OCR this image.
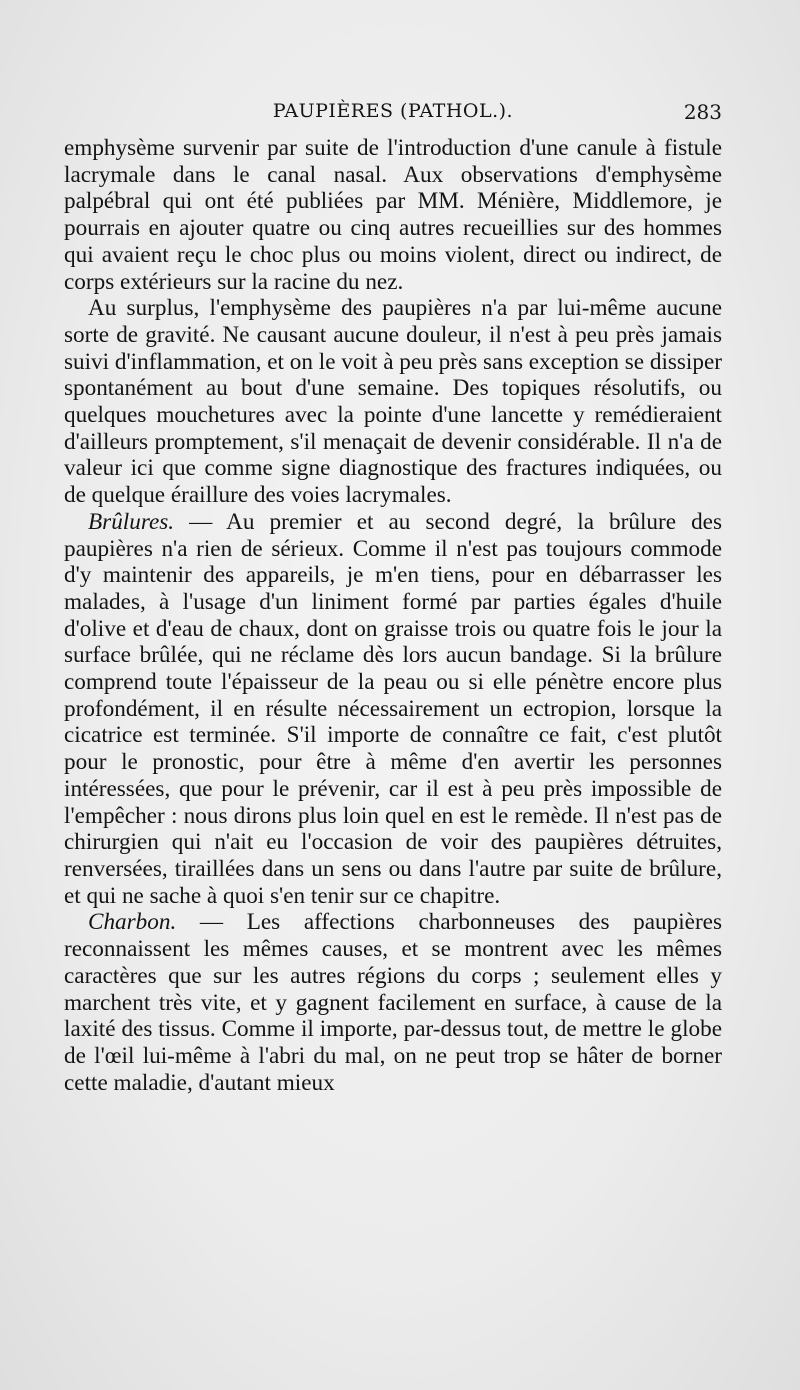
PAUPIÈRES (PATHOL.).	283

emphysème survenir par suite de l'introduction d'une canule à fistule lacrymale dans le canal nasal. Aux observations d'emphysème palpébral qui ont été publiées par MM. Ménière, Middlemore, je pourrais en ajouter quatre ou cinq autres recueillies sur des hommes qui avaient reçu le choc plus ou moins violent, direct ou indirect, de corps extérieurs sur la racine du nez.

Au surplus, l'emphysème des paupières n'a par lui-même aucune sorte de gravité. Ne causant aucune douleur, il n'est à peu près jamais suivi d'inflammation, et on le voit à peu près sans exception se dissiper spontanément au bout d'une semaine. Des topiques résolutifs, ou quelques mouchetures avec la pointe d'une lancette y remédieraient d'ailleurs promptement, s'il menaçait de devenir considérable. Il n'a de valeur ici que comme signe diagnostique des fractures indiquées, ou de quelque éraillure des voies lacrymales.

Brûlures. — Au premier et au second degré, la brûlure des paupières n'a rien de sérieux. Comme il n'est pas toujours commode d'y maintenir des appareils, je m'en tiens, pour en débarrasser les malades, à l'usage d'un liniment formé par parties égales d'huile d'olive et d'eau de chaux, dont on graisse trois ou quatre fois le jour la surface brûlée, qui ne réclame dès lors aucun bandage. Si la brûlure comprend toute l'épaisseur de la peau ou si elle pénètre encore plus profondément, il en résulte nécessairement un ectropion, lorsque la cicatrice est terminée. S'il importe de connaître ce fait, c'est plutôt pour le pronostic, pour être à même d'en avertir les personnes intéressées, que pour le prévenir, car il est à peu près impossible de l'empêcher : nous dirons plus loin quel en est le remède. Il n'est pas de chirurgien qui n'ait eu l'occasion de voir des paupières détruites, renversées, tiraillées dans un sens ou dans l'autre par suite de brûlure, et qui ne sache à quoi s'en tenir sur ce chapitre.

Charbon. — Les affections charbonneuses des paupières reconnaissent les mêmes causes, et se montrent avec les mêmes caractères que sur les autres régions du corps ; seulement elles y marchent très vite, et y gagnent facilement en surface, à cause de la laxité des tissus. Comme il importe, par-dessus tout, de mettre le globe de l'œil lui-même à l'abri du mal, on ne peut trop se hâter de borner cette maladie, d'autant mieux
